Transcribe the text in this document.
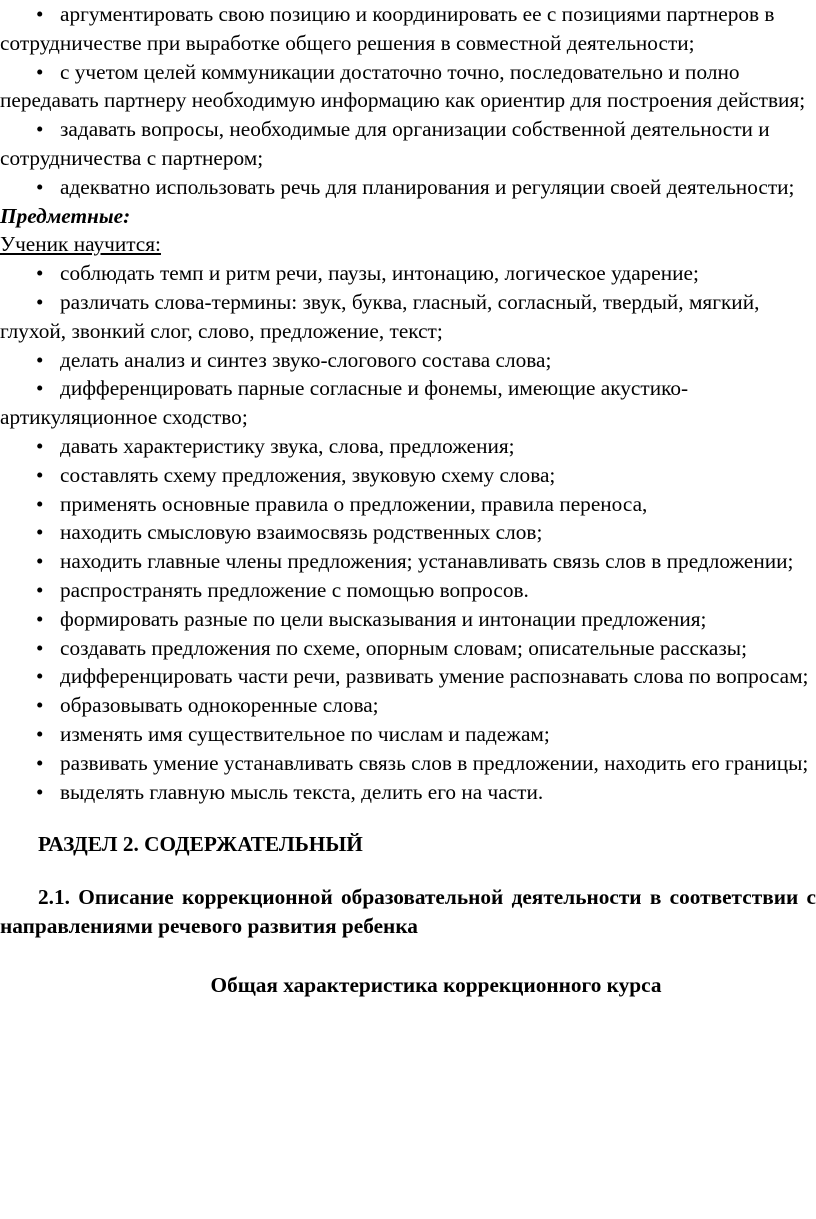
• аргументировать свою позицию и координировать ее с позициями партнеров в сотрудничестве при выработке общего решения в совместной деятельности;
• с учетом целей коммуникации достаточно точно, последовательно и полно передавать партнеру необходимую информацию как ориентир для построения действия;
• задавать вопросы, необходимые для организации собственной деятельности и сотрудничества с партнером;
• адекватно использовать речь для планирования и регуляции своей деятельности;

Предметные:

Ученик научится:

• соблюдать темп и ритм речи, паузы, интонацию, логическое ударение;
• различать слова-термины: звук, буква, гласный, согласный, твердый, мягкий, глухой, звонкий слог, слово, предложение, текст;
• делать анализ и синтез звуко-слогового состава слова;
• дифференцировать парные согласные и фонемы, имеющие акустико-артикуляционное сходство;
• давать характеристику звука, слова, предложения;
• составлять схему предложения, звуковую схему слова;
• применять основные правила о предложении, правила переноса,
• находить смысловую взаимосвязь родственных слов;
• находить главные члены предложения; устанавливать связь слов в предложении;
• распространять предложение с помощью вопросов.
• формировать разные по цели высказывания и интонации предложения;
• создавать предложения по схеме, опорным словам; описательные рассказы;
• дифференцировать части речи, развивать умение распознавать слова по вопросам;
• образовывать однокоренные слова;
• изменять имя существительное по числам и падежам;
• развивать умение устанавливать связь слов в предложении, находить его границы;
• выделять главную мысль текста, делить его на части.

РАЗДЕЛ 2. СОДЕРЖАТЕЛЬНЫЙ

2.1. Описание коррекционной образовательной деятельности в соответствии с направлениями речевого развития ребенка

Общая характеристика коррекционного курса
